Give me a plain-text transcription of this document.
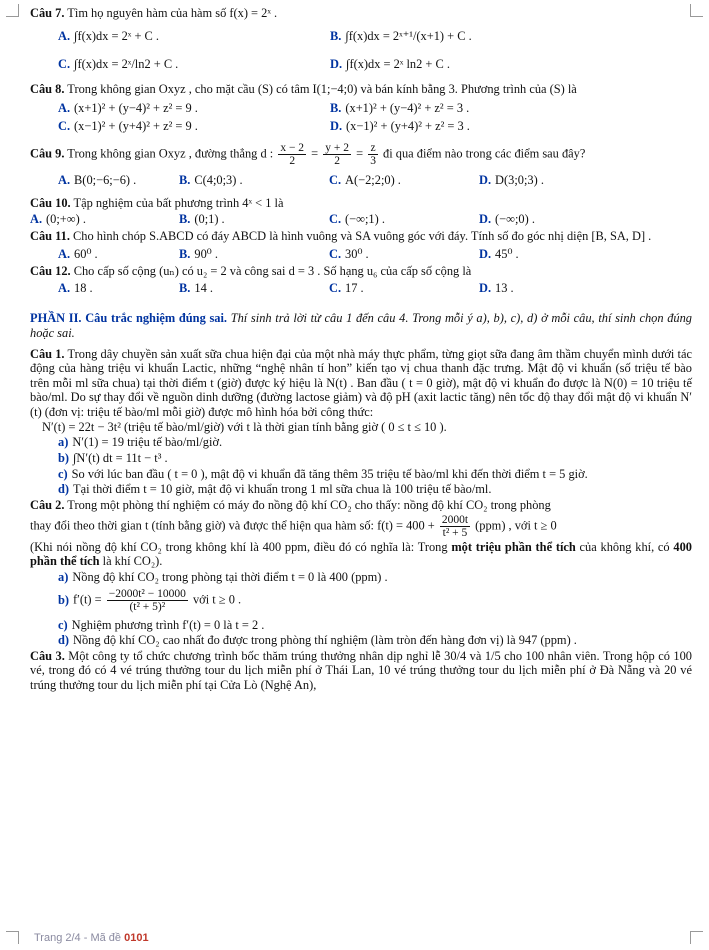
Câu 7. Tìm họ nguyên hàm của hàm số f(x) = 2ˣ .
A. ∫f(x)dx = 2ˣ + C .	B. ∫f(x)dx = 2ˣ⁺¹/(x+1) + C .
C. ∫f(x)dx = 2ˣ/ln2 + C .	D. ∫f(x)dx = 2ˣ ln2 + C .

Câu 8. Trong không gian Oxyz , cho mặt cầu (S) có tâm I(1;−4;0) và bán kính bằng 3. Phương trình của (S) là

A. (x+1)² + (y−4)² + z² = 9 .	B. (x+1)² + (y−4)² + z² = 3 .
C. (x−1)² + (y+4)² + z² = 9 .	D. (x−1)² + (y+4)² + z² = 3 .

Câu 9. Trong không gian Oxyz , đường thẳng d : $\frac{x - 2}{2} = \frac{y + 2}{2} = \frac{z}{3}$ đi qua điểm nào trong các điểm sau đây?

A. B(0;−6;−6) .	B. C(4;0;3) .	C. A(−2;2;0) .	D. D(3;0;3) .

Câu 10. Tập nghiệm của bất phương trình 4ˣ < 1 là

A. (0;+∞) .	B. (0;1) .	C. (−∞;1) .	D. (−∞;0) .

Câu 11. Cho hình chóp S.ABCD có đáy ABCD là hình vuông và SA vuông góc với đáy. Tính số đo góc nhị diện [B, SA, D] .

A. 60⁰ .	B. 90⁰ .	C. 30⁰ .	D. 45⁰ .

Câu 12. Cho cấp số cộng (uₙ) có u₂ = 2 và công sai d = 3 . Số hạng u₆ của cấp số cộng là

A. 18 .	B. 14 .	C. 17 .	D. 13 .

PHẦN II. Câu trắc nghiệm đúng sai. Thí sinh trả lời từ câu 1 đến câu 4. Trong mỗi ý a), b), c), d) ở mỗi câu, thí sinh chọn đúng hoặc sai.

Câu 1. Trong dây chuyền sản xuất sữa chua hiện đại của một nhà máy thực phẩm, từng giọt sữa đang âm thầm chuyển mình dưới tác động của hàng triệu vi khuẩn Lactic, những “nghệ nhân tí hon” kiến tạo vị chua thanh đặc trưng. Mật độ vi khuẩn (số triệu tế bào trên mỗi ml sữa chua) tại thời điểm t (giờ) được ký hiệu là N(t) . Ban đầu ( t = 0 giờ), mật độ vi khuẩn đo được là N(0) = 10 triệu tế bào/ml. Do sự thay đổi về nguồn dinh dưỡng (đường lactose giảm) và độ pH (axit lactic tăng) nên tốc độ thay đổi mật độ vi khuẩn N′(t) (đơn vị: triệu tế bào/ml mỗi giờ) được mô hình hóa bởi công thức:

N′(t) = 22t − 3t² (triệu tế bào/ml/giờ) với t là thời gian tính bằng giờ ( 0 ≤ t ≤ 10 ).

a) N′(1) = 19 triệu tế bào/ml/giờ.
b) ∫N′(t) dt = 11t − t³ .
c) So với lúc ban đầu ( t = 0 ), mật độ vi khuẩn đã tăng thêm 35 triệu tế bào/ml khi đến thời điểm t = 5 giờ.
d) Tại thời điểm t = 10 giờ, mật độ vi khuẩn trong 1 ml sữa chua là 100 triệu tế bào/ml.

Câu 2. Trong một phòng thí nghiệm có máy đo nồng độ khí CO₂ cho thấy: nồng độ khí CO₂ trong phòng

thay đổi theo thời gian t (tính bằng giờ) và được thể hiện qua hàm số: $f(t) = 400 + \frac{2000t}{\text{t² + 5}} (ppm)$ , với t ≥ 0

(Khi nói nồng độ khí CO₂ trong không khí là 400 ppm, điều đó có nghĩa là: Trong một triệu phần thể tích của không khí, có 400 phần thể tích là khí CO₂).

a) Nồng độ khí CO₂ trong phòng tại thời điểm t = 0 là 400 (ppm) .
b) $f'(t) = \frac{\text{−2000t² − 10000}}{\text{(t² + 5)²}}$ với t ≥ 0 .
c) Nghiệm phương trình f′(t) = 0 là t = 2 .
d) Nồng độ khí CO₂ cao nhất đo được trong phòng thí nghiệm (làm tròn đến hàng đơn vị) là 947 (ppm) .

Câu 3. Một công ty tổ chức chương trình bốc thăm trúng thưởng nhân dịp nghỉ lễ 30/4 và 1/5 cho 100 nhân viên. Trong hộp có 100 vé, trong đó có 4 vé trúng thưởng tour du lịch miễn phí ở Thái Lan, 10 vé trúng thưởng tour du lịch miễn phí ở Đà Nẵng và 20 vé trúng thưởng tour du lịch miễn phí tại Cửa Lò (Nghệ An),

Trang 2/4 - Mã đề 0101
